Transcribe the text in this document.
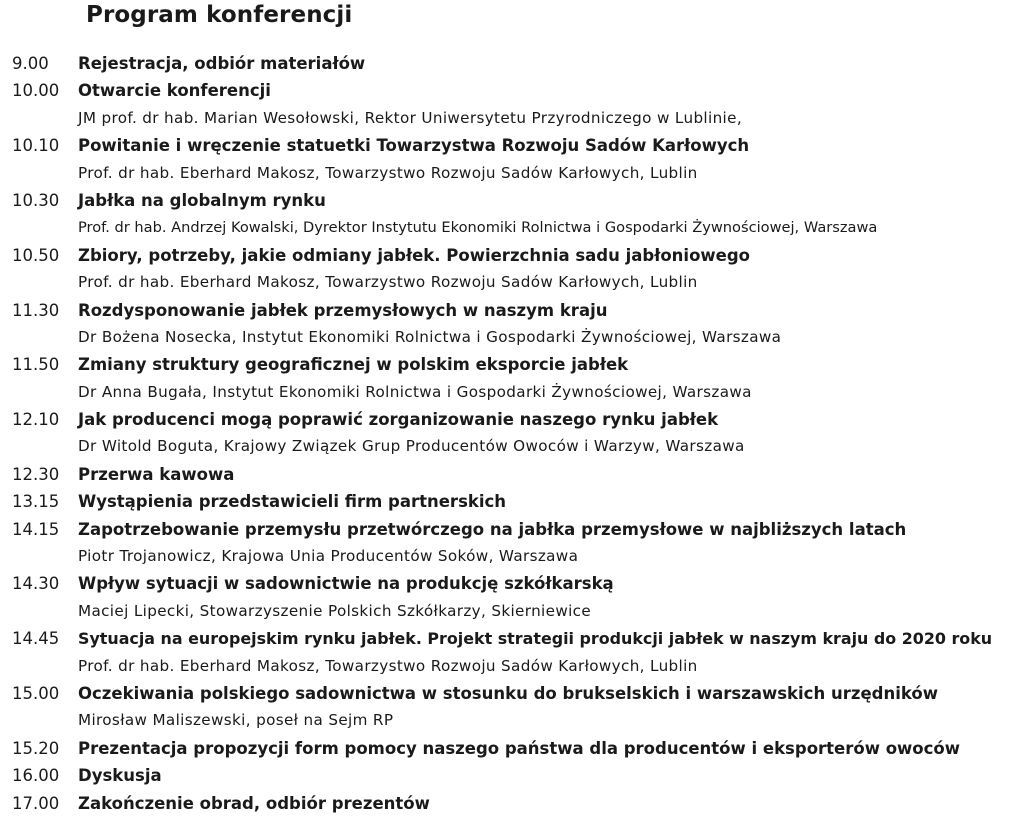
Program konferencji
9.00 Rejestracja, odbiór materiałów
10.00 Otwarcie konferencji
JM prof. dr hab. Marian Wesołowski, Rektor Uniwersytetu Przyrodniczego w Lublinie,
10.10 Powitanie i wręczenie statuetki Towarzystwa Rozwoju Sadów Karłowych
Prof. dr hab. Eberhard Makosz, Towarzystwo Rozwoju Sadów Karłowych, Lublin
10.30 Jabłka na globalnym rynku
Prof. dr hab. Andrzej Kowalski, Dyrektor Instytutu Ekonomiki Rolnictwa i Gospodarki Żywnościowej, Warszawa
10.50 Zbiory, potrzeby, jakie odmiany jabłek. Powierzchnia sadu jabłoniowego
Prof. dr hab. Eberhard Makosz, Towarzystwo Rozwoju Sadów Karłowych, Lublin
11.30 Rozdysponowanie jabłek przemysłowych w naszym kraju
Dr Bożena Nosecka, Instytut Ekonomiki Rolnictwa i Gospodarki Żywnościowej, Warszawa
11.50 Zmiany struktury geograficznej w polskim eksporcie jabłek
Dr Anna Bugała, Instytut Ekonomiki Rolnictwa i Gospodarki Żywnościowej, Warszawa
12.10 Jak producenci mogą poprawić zorganizowanie naszego rynku jabłek
Dr Witold Boguta, Krajowy Związek Grup Producentów Owoców i Warzyw, Warszawa
12.30 Przerwa kawowa
13.15 Wystąpienia przedstawicieli firm partnerskich
14.15 Zapotrzebowanie przemysłu przetwórczego na jabłka przemysłowe w najbliższych latach
Piotr Trojanowicz, Krajowa Unia Producentów Soków, Warszawa
14.30 Wpływ sytuacji w sadownictwie na produkcję szkółkarską
Maciej Lipecki, Stowarzyszenie Polskich Szkółkarzy, Skierniewice
14.45 Sytuacja na europejskim rynku jabłek. Projekt strategii produkcji jabłek w naszym kraju do 2020 roku
Prof. dr hab. Eberhard Makosz, Towarzystwo Rozwoju Sadów Karłowych, Lublin
15.00 Oczekiwania polskiego sadownictwa w stosunku do brukselskich i warszawskich urzędników
Mirosław Maliszewski, poseł na Sejm RP
15.20 Prezentacja propozycji form pomocy naszego państwa dla producentów i eksporterów owoców
16.00 Dyskusja
17.00 Zakończenie obrad, odbiór prezentów
